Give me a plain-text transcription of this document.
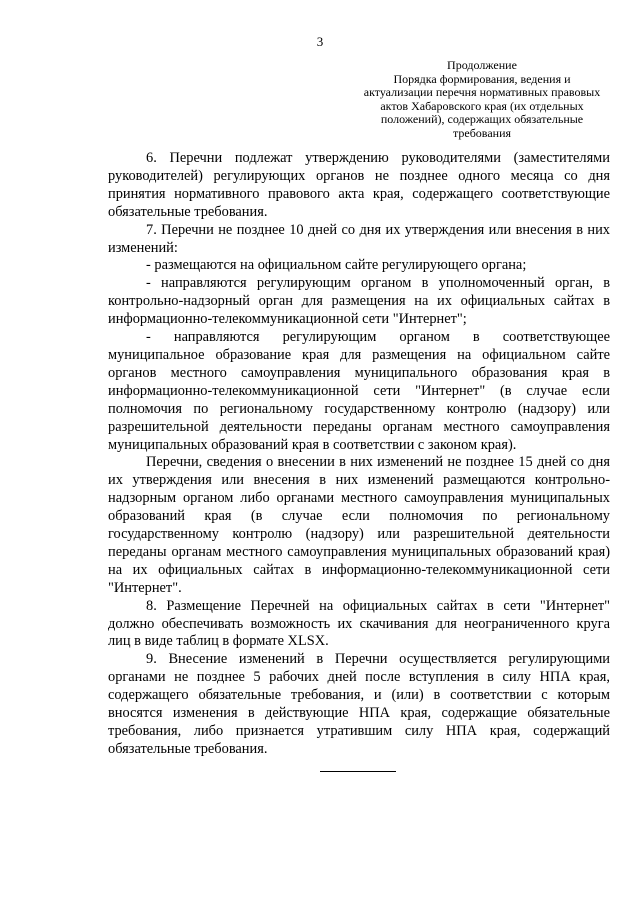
3
Продолжение
Порядка формирования, ведения и
актуализации перечня нормативных правовых
актов Хабаровского края (их отдельных
положений), содержащих обязательные
требования

6. Перечни подлежат утверждению руководителями (заместителями руководителей) регулирующих органов не позднее одного месяца со дня принятия нормативного правового акта края, содержащего соответствующие обязательные требования.

7. Перечни не позднее 10 дней со дня их утверждения или внесения в них изменений:

- размещаются на официальном сайте регулирующего органа;

- направляются регулирующим органом в уполномоченный орган, в контрольно-надзорный орган для размещения на их официальных сайтах в информационно-телекоммуникационной сети "Интернет";

- направляются регулирующим органом в соответствующее муниципальное образование края для размещения на официальном сайте органов местного самоуправления муниципального образования края в информационно-телекоммуникационной сети "Интернет" (в случае если полномочия по региональному государственному контролю (надзору) или разрешительной деятельности переданы органам местного самоуправления муниципальных образований края в соответствии с законом края).

Перечни, сведения о внесении в них изменений не позднее 15 дней со дня их утверждения или внесения в них изменений размещаются контрольно-надзорным органом либо органами местного самоуправления муниципальных образований края (в случае если полномочия по региональному государственному контролю (надзору) или разрешительной деятельности переданы органам местного самоуправления муниципальных образований края) на их официальных сайтах в информационно-телекоммуникационной сети "Интернет".

8. Размещение Перечней на официальных сайтах в сети "Интернет" должно обеспечивать возможность их скачивания для неограниченного круга лиц в виде таблиц в формате XLSX.

9. Внесение изменений в Перечни осуществляется регулирующими органами не позднее 5 рабочих дней после вступления в силу НПА края, содержащего обязательные требования, и (или) в соответствии с которым вносятся изменения в действующие НПА края, содержащие обязательные требования, либо признается утратившим силу НПА края, содержащий обязательные требования.
